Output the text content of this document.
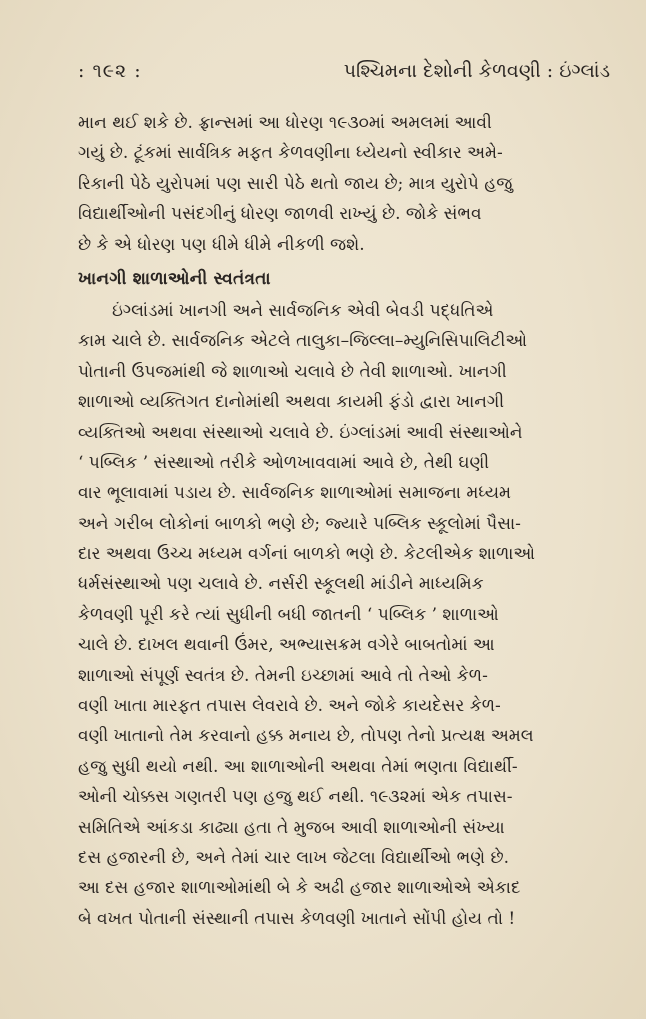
: ૧૯૨ :	પશ્ચિમના દેશોની કેળવણી : ઇંગ્લાંડ
માન થઈ શકે છે. ફ્રાન્સમાં આ ધોરણ ૧૯૩૦માં અમલમાં આવી
ગયું છે. ટૂંકમાં સાર્વત્રિક મફત કેળવણીના ધ્યેયનો સ્વીકાર અમે-
રિકાની પેઠે યુરોપમાં પણ સારી પેઠે થતો જાય છે; માત્ર યુરોપે હજુ
વિદ્યાર્થીઓની પસંદગીનું ધોરણ જાળવી રાખ્યું છે. જોકે સંભવ
છે કે એ ધોરણ પણ ધીમે ધીમે નીકળી જશે.
ખાનગી શાળાઓની સ્વતંત્રતા
ઇંગ્લાંડમાં ખાનગી અને સાર્વજનિક એવી બેવડી પદ્ધતિએ
કામ ચાલે છે. સાર્વજનિક એટલે તાલુકા–જિલ્લા–મ્યુનિસિપાલિટીઓ
પોતાની ઉપજમાંથી જે શાળાઓ ચલાવે છે તેવી શાળાઓ. ખાનગી
શાળાઓ વ્યક્તિગત દાનોમાંથી અથવા કાયમી ફંડો દ્વારા ખાનગી
વ્યક્તિઓ અથવા સંસ્થાઓ ચલાવે છે. ઇંગ્લાંડમાં આવી સંસ્થાઓને
‘ પબ્લિક ’ સંસ્થાઓ તરીકે ઓળખાવવામાં આવે છે, તેથી ઘણી
વાર ભૂલાવામાં પડાય છે. સાર્વજનિક શાળાઓમાં સમાજના મધ્યમ
અને ગરીબ લોકોનાં બાળકો ભણે છે; જ્યારે પબ્લિક સ્કૂલોમાં પૈસા-
દાર અથવા ઉચ્ચ મધ્યમ વર્ગનાં બાળકો ભણે છે. કેટલીએક શાળાઓ
ધર્મસંસ્થાઓ પણ ચલાવે છે. નર્સરી સ્કૂલથી માંડીને માધ્યમિક
કેળવણી પૂરી કરે ત્યાં સુધીની બધી જાતની ‘ પબ્લિક ’ શાળાઓ
ચાલે છે. દાખલ થવાની ઉંમર, અભ્યાસક્રમ વગેરે બાબતોમાં આ
શાળાઓ સંપૂર્ણ સ્વતંત્ર છે. તેમની ઇચ્છામાં આવે તો તેઓ કેળ-
વણી ખાતા મારફત તપાસ લેવરાવે છે. અને જોકે કાયદેસર કેળ-
વણી ખાતાનો તેમ કરવાનો હક્ક મનાય છે, તોપણ તેનો પ્રત્યક્ષ અમલ
હજુ સુધી થયો નથી. આ શાળાઓની અથવા તેમાં ભણતા વિદ્યાર્થી-
ઓની ચોક્કસ ગણતરી પણ હજુ થઈ નથી. ૧૯૩૨માં એક તપાસ-
સમિતિએ આંકડા કાઢ્યા હતા તે મુજબ આવી શાળાઓની સંખ્યા
દસ હજારની છે, અને તેમાં ચાર લાખ જેટલા વિદ્યાર્થીઓ ભણે છે.
આ દસ હજાર શાળાઓમાંથી બે કે અઢી હજાર શાળાઓએ એકાદ
બે વખત પોતાની સંસ્થાની તપાસ કેળવણી ખાતાને સોંપી હોય તો !
